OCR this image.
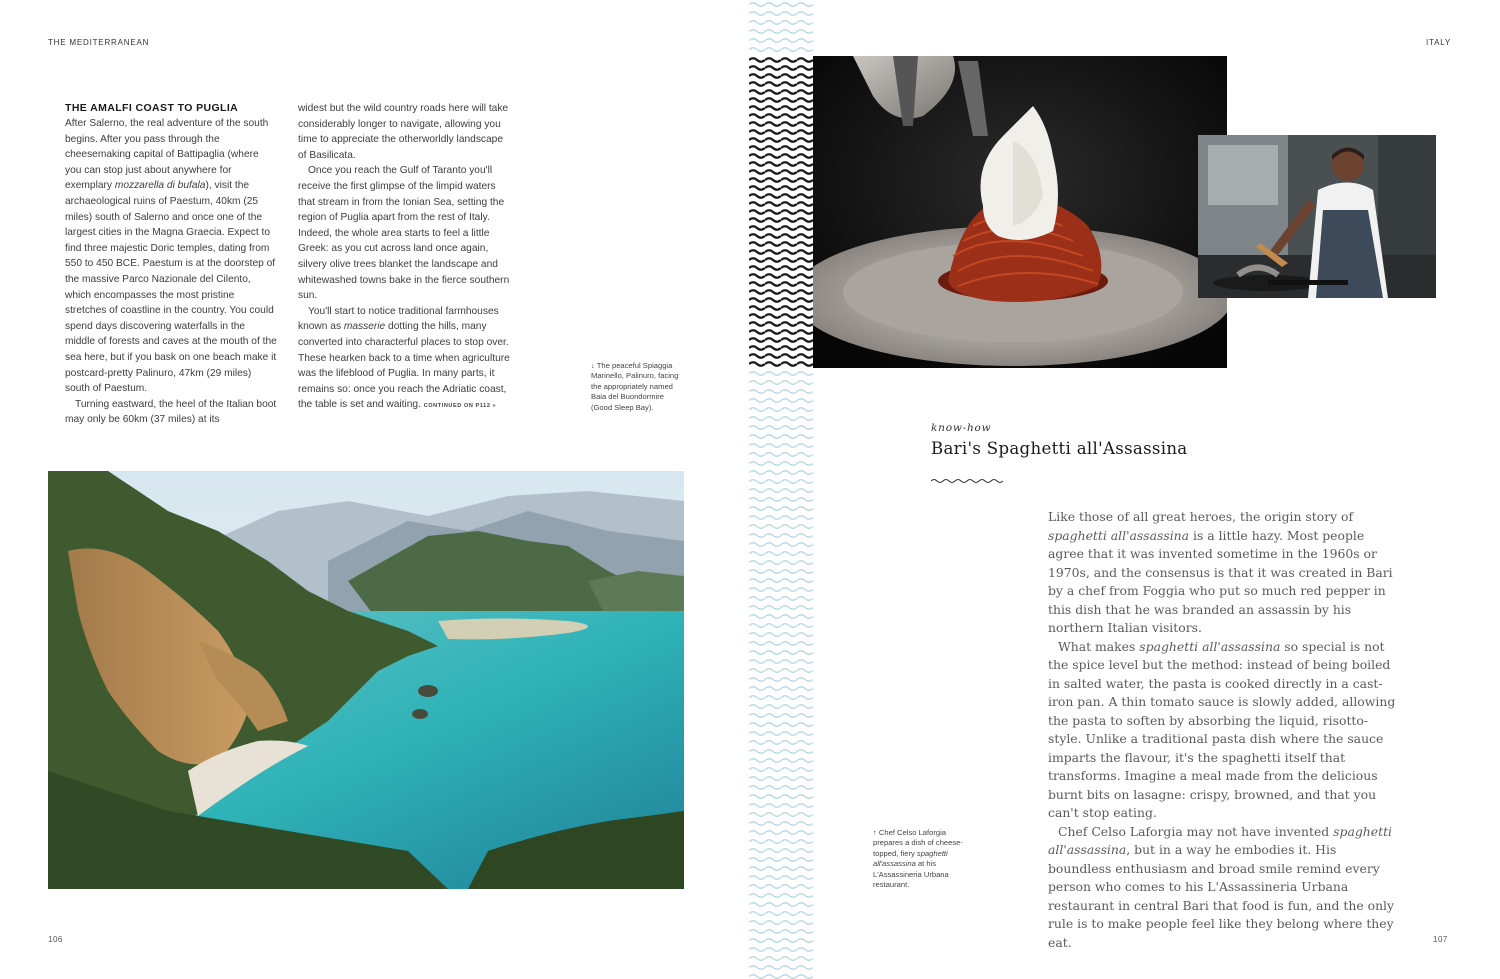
THE MEDITERRANEAN
THE AMALFI COAST TO PUGLIA

After Salerno, the real adventure of the south begins. After you pass through the cheesemaking capital of Battipaglia (where you can stop just about anywhere for exemplary mozzarella di bufala), visit the archaeological ruins of Paestum, 40km (25 miles) south of Salerno and once one of the largest cities in the Magna Graecia. Expect to find three majestic Doric temples, dating from 550 to 450 BCE. Paestum is at the doorstep of the massive Parco Nazionale del Cilento, which encompasses the most pristine stretches of coastline in the country. You could spend days discovering waterfalls in the middle of forests and caves at the mouth of the sea here, but if you bask on one beach make it postcard-pretty Palinuro, 47km (29 miles) south of Paestum.

Turning eastward, the heel of the Italian boot may only be 60km (37 miles) at its

widest but the wild country roads here will take considerably longer to navigate, allowing you time to appreciate the otherworldly landscape of Basilicata.

Once you reach the Gulf of Taranto you'll receive the first glimpse of the limpid waters that stream in from the Ionian Sea, setting the region of Puglia apart from the rest of Italy. Indeed, the whole area starts to feel a little Greek: as you cut across land once again, silvery olive trees blanket the landscape and whitewashed towns bake in the fierce southern sun.

You'll start to notice traditional farmhouses known as masserie dotting the hills, many converted into characterful places to stop over. These hearken back to a time when agriculture was the lifeblood of Puglia. In many parts, it remains so: once you reach the Adriatic coast, the table is set and waiting. CONTINUED ON P112 »

↓ The peaceful Spiaggia Marinello, Palinuro, facing the appropriately named Baia del Buondormire (Good Sleep Bay).
106
ITALY
know-how
Bari's Spaghetti all'Assassina
↑ Chef Celso Laforgia prepares a dish of cheese-topped, fiery spaghetti all'assassina at his L'Assassineria Urbana restaurant.

Like those of all great heroes, the origin story of spaghetti all'assassina is a little hazy. Most people agree that it was invented sometime in the 1960s or 1970s, and the consensus is that it was created in Bari by a chef from Foggia who put so much red pepper in this dish that he was branded an assassin by his northern Italian visitors.

What makes spaghetti all'assassina so special is not the spice level but the method: instead of being boiled in salted water, the pasta is cooked directly in a cast-iron pan. A thin tomato sauce is slowly added, allowing the pasta to soften by absorbing the liquid, risotto-style. Unlike a traditional pasta dish where the sauce imparts the flavour, it's the spaghetti itself that transforms. Imagine a meal made from the delicious burnt bits on lasagne: crispy, browned, and that you can't stop eating.

Chef Celso Laforgia may not have invented spaghetti all'assassina, but in a way he embodies it. His boundless enthusiasm and broad smile remind every person who comes to his L'Assassineria Urbana restaurant in central Bari that food is fun, and the only rule is to make people feel like they belong where they eat.	107
